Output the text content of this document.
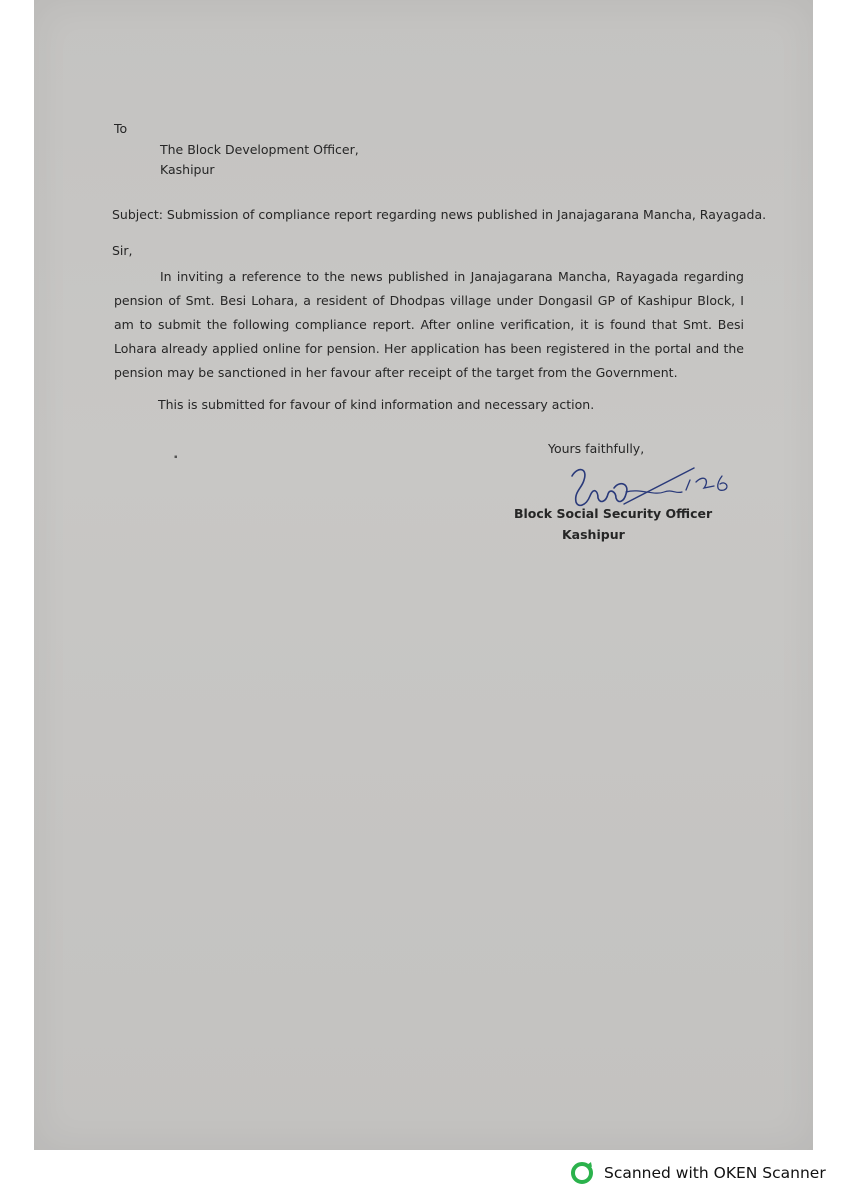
To
The Block Development Officer,
Kashipur
Subject: Submission of compliance report regarding news published in Janajagarana Mancha, Rayagada.
Sir,
In inviting a reference to the news published in Janajagarana Mancha, Rayagada regarding pension of Smt. Besi Lohara, a resident of Dhodpas village under Dongasil GP of Kashipur Block, I am to submit the following compliance report. After online verification, it is found that Smt. Besi Lohara already applied online for pension. Her application has been registered in the portal and the pension may be sanctioned in her favour after receipt of the target from the Government.
This is submitted for favour of kind information and necessary action.
Yours faithfully,
▪
Block Social Security Officer
Kashipur
Scanned with OKEN Scanner
